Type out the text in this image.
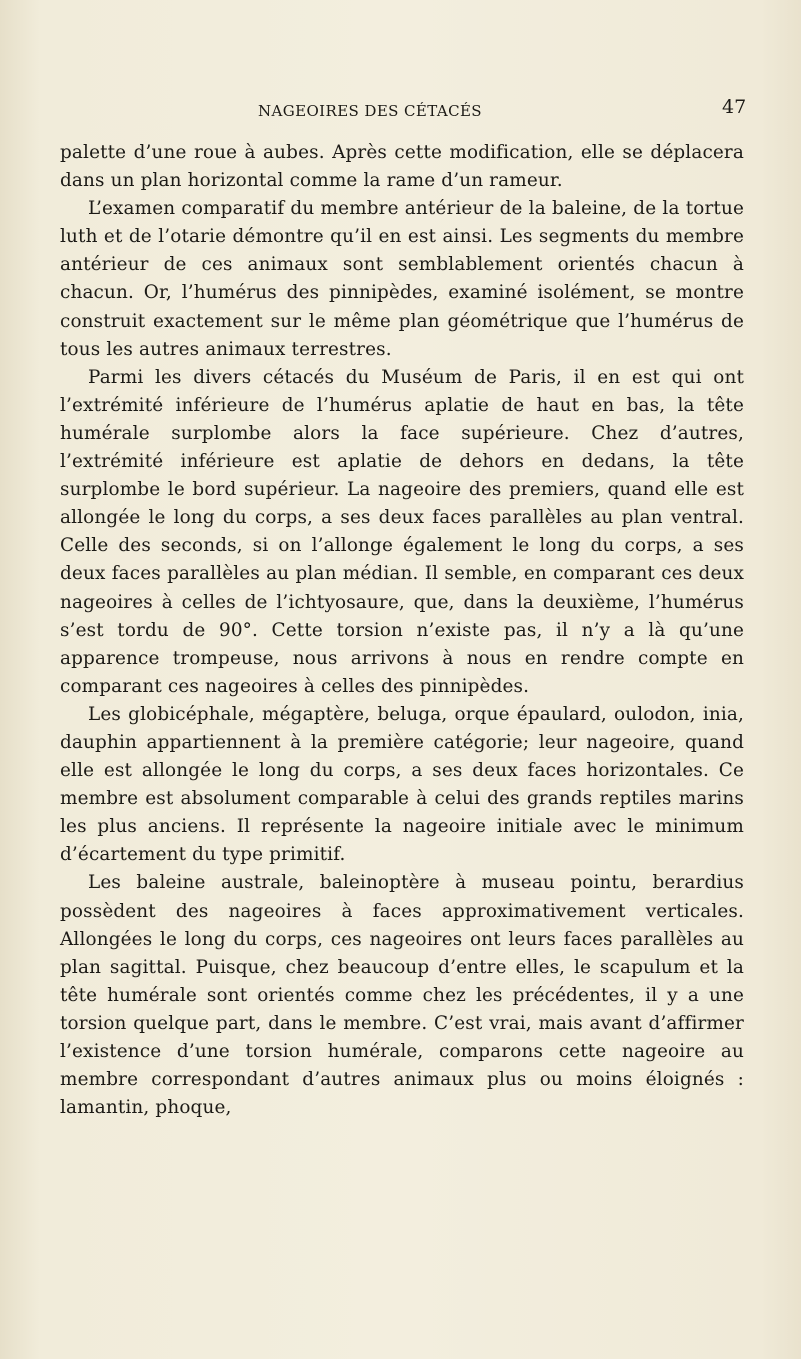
NAGEOIRES DES CÉTACÉS	47

palette d’une roue à aubes. Après cette modification, elle se déplacera dans un plan horizontal comme la rame d’un rameur.

L’examen comparatif du membre antérieur de la baleine, de la tortue luth et de l’otarie démontre qu’il en est ainsi. Les segments du membre antérieur de ces animaux sont semblablement orientés chacun à chacun. Or, l’humérus des pinnipèdes, examiné isolément, se montre construit exactement sur le même plan géométrique que l’humérus de tous les autres animaux terrestres.

Parmi les divers cétacés du Muséum de Paris, il en est qui ont l’extrémité inférieure de l’humérus aplatie de haut en bas, la tête humérale surplombe alors la face supérieure. Chez d’autres, l’extrémité inférieure est aplatie de dehors en dedans, la tête surplombe le bord supérieur. La nageoire des premiers, quand elle est allongée le long du corps, a ses deux faces parallèles au plan ventral. Celle des seconds, si on l’allonge également le long du corps, a ses deux faces parallèles au plan médian. Il semble, en comparant ces deux nageoires à celles de l’ichtyosaure, que, dans la deuxième, l’humérus s’est tordu de 90°. Cette torsion n’existe pas, il n’y a là qu’une apparence trompeuse, nous arrivons à nous en rendre compte en comparant ces nageoires à celles des pinnipèdes.

Les globicéphale, mégaptère, beluga, orque épaulard, oulodon, inia, dauphin appartiennent à la première catégorie; leur nageoire, quand elle est allongée le long du corps, a ses deux faces horizontales. Ce membre est absolument comparable à celui des grands reptiles marins les plus anciens. Il représente la nageoire initiale avec le minimum d’écartement du type primitif.

Les baleine australe, baleinoptère à museau pointu, berardius possèdent des nageoires à faces approximativement verticales. Allongées le long du corps, ces nageoires ont leurs faces parallèles au plan sagittal. Puisque, chez beaucoup d’entre elles, le scapulum et la tête humérale sont orientés comme chez les précédentes, il y a une torsion quelque part, dans le membre. C’est vrai, mais avant d’affirmer l’existence d’une torsion humérale, comparons cette nageoire au membre correspondant d’autres animaux plus ou moins éloignés : lamantin, phoque,
